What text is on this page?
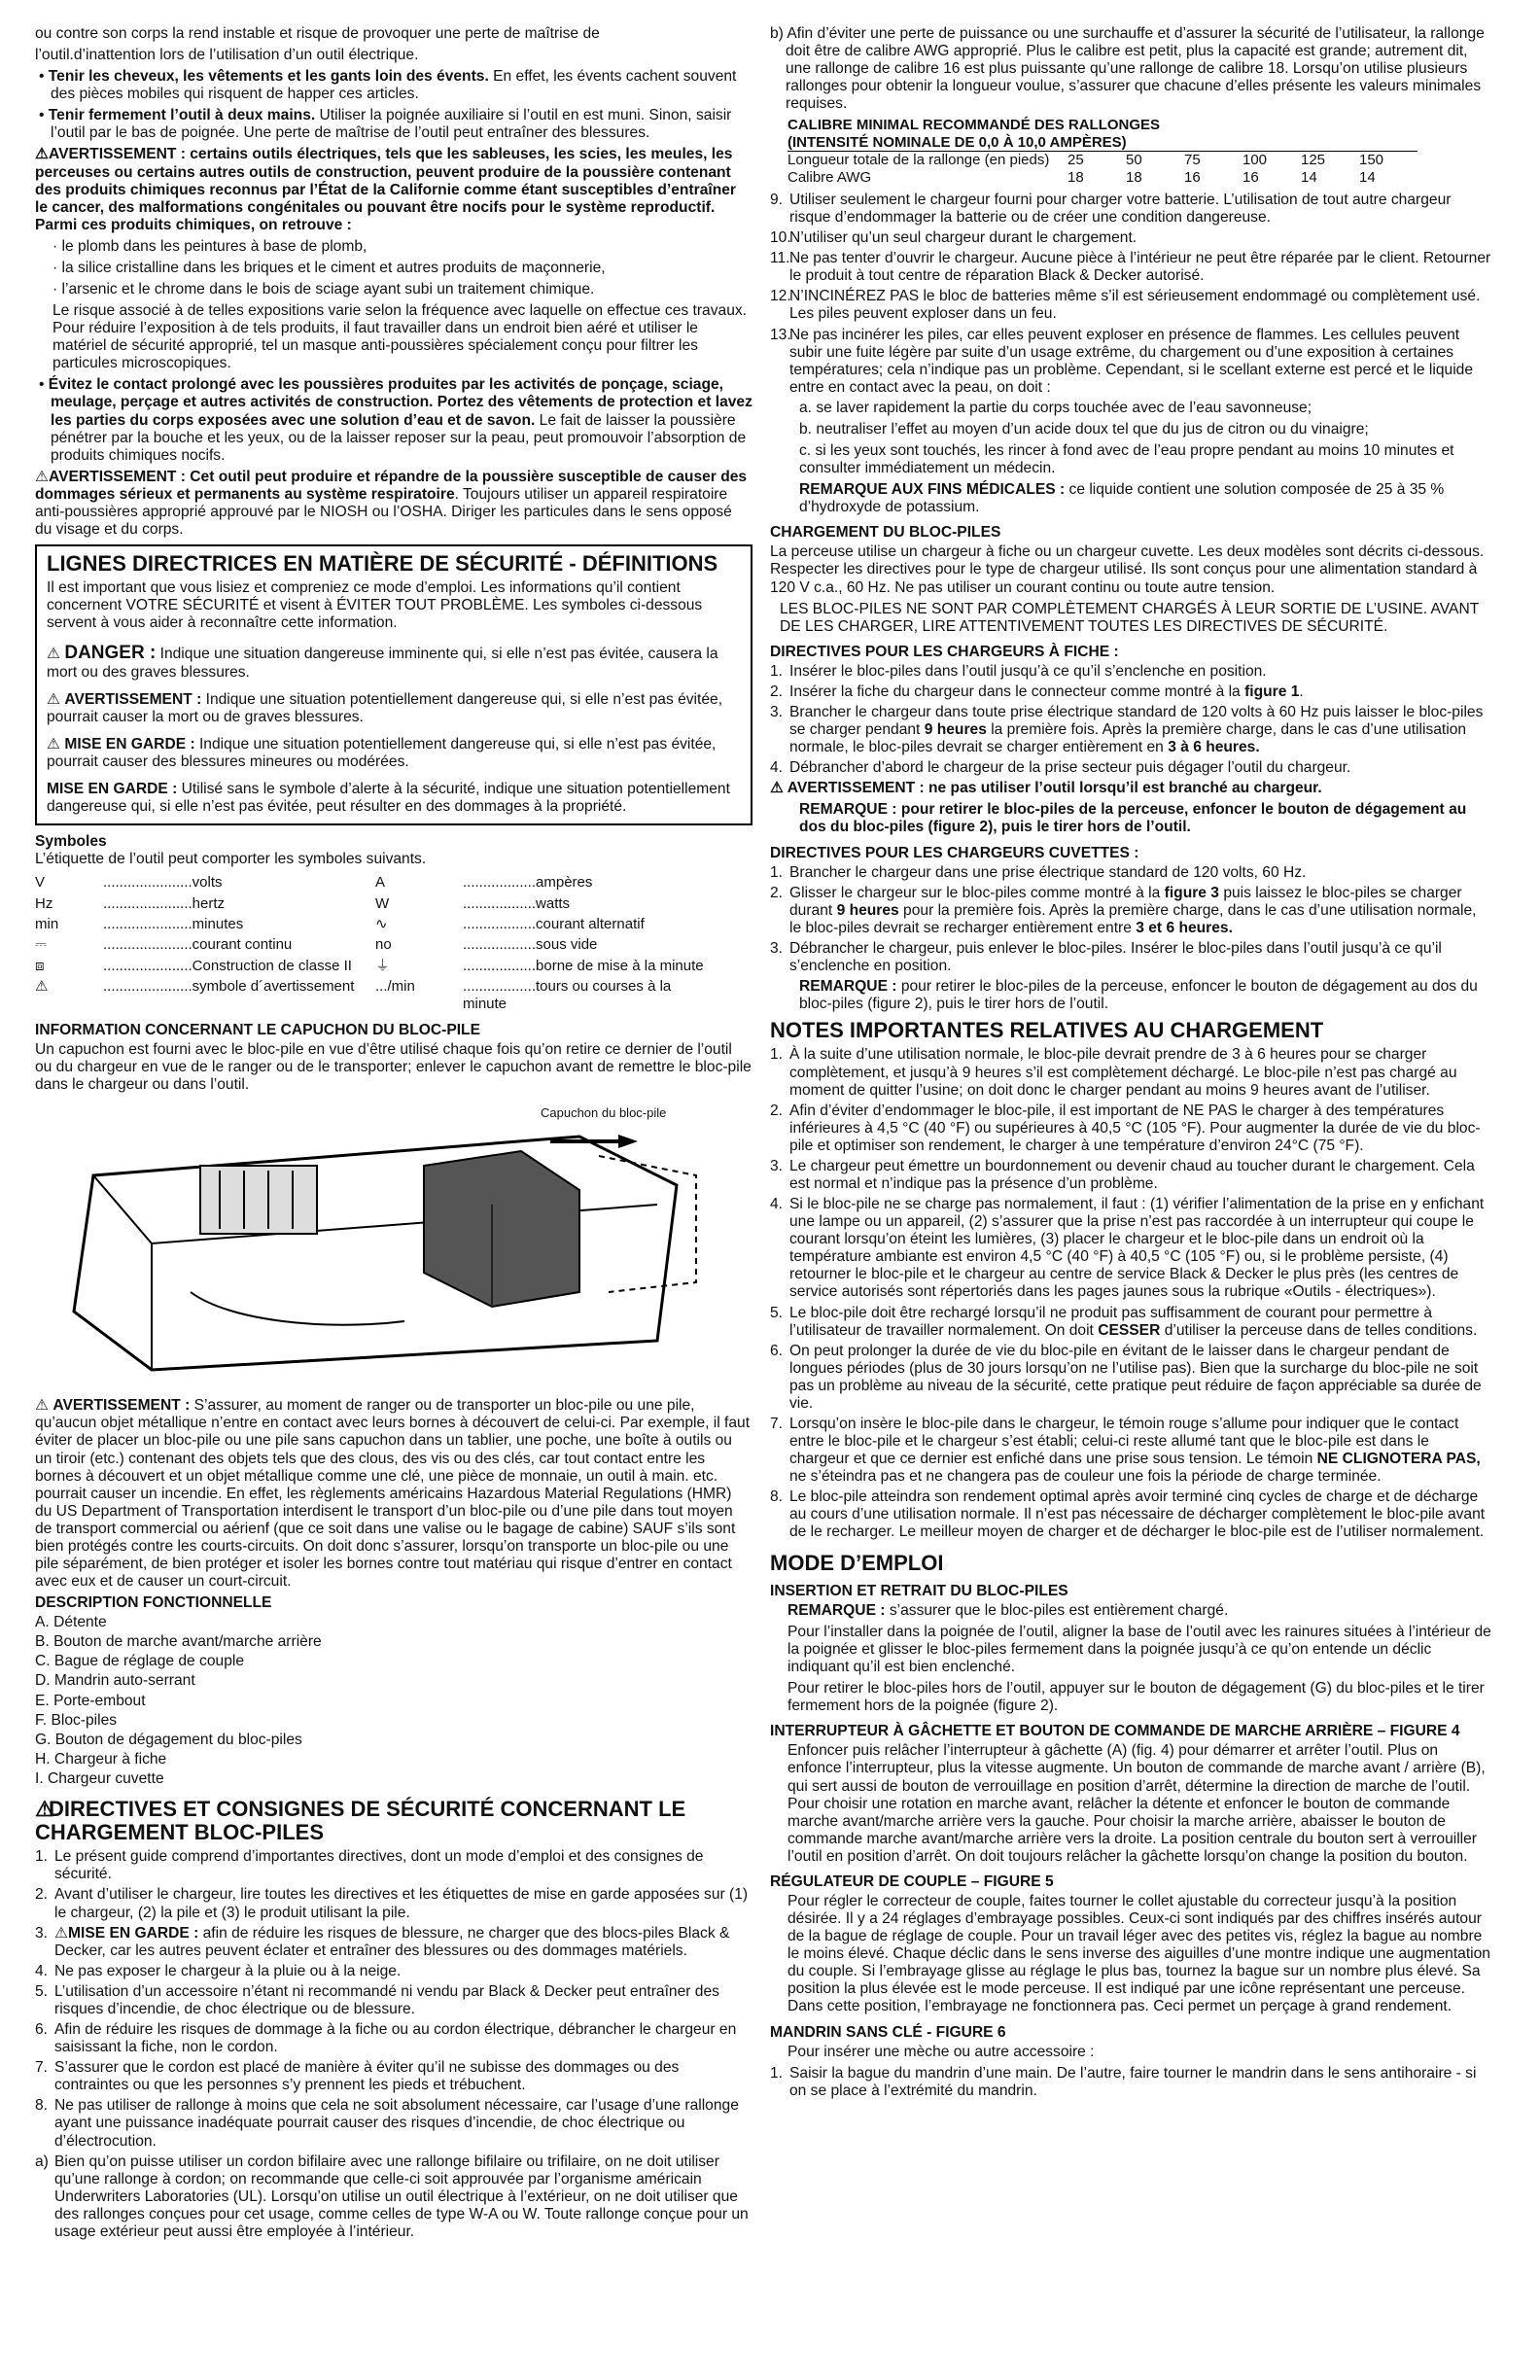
ou contre son corps la rend instable et risque de provoquer une perte de maîtrise de

l’outil.d’inattention lors de l’utilisation d’un outil électrique.

• Tenir les cheveux, les vêtements et les gants loin des évents. En effet, les évents cachent souvent des pièces mobiles qui risquent de happer ces articles.

• Tenir fermement l’outil à deux mains. Utiliser la poignée auxiliaire si l’outil en est muni. Sinon, saisir l’outil par le bas de poignée. Une perte de maîtrise de l’outil peut entraîner des blessures.

⚠AVERTISSEMENT : certains outils électriques, tels que les sableuses, les scies, les meules, les perceuses ou certains autres outils de construction, peuvent produire de la poussière contenant des produits chimiques reconnus par l’État de la Californie comme étant susceptibles d’entraîner le cancer, des malformations congénitales ou pouvant être nocifs pour le système reproductif. Parmi ces produits chimiques, on retrouve :

· le plomb dans les peintures à base de plomb,

· la silice cristalline dans les briques et le ciment et autres produits de maçonnerie,

· l’arsenic et le chrome dans le bois de sciage ayant subi un traitement chimique.

Le risque associé à de telles expositions varie selon la fréquence avec laquelle on effectue ces travaux. Pour réduire l’exposition à de tels produits, il faut travailler dans un endroit bien aéré et utiliser le matériel de sécurité approprié, tel un masque anti-poussières spécialement conçu pour filtrer les particules microscopiques.

• Évitez le contact prolongé avec les poussières produites par les activités de ponçage, sciage, meulage, perçage et autres activités de construction. Portez des vêtements de protection et lavez les parties du corps exposées avec une solution d’eau et de savon. Le fait de laisser la poussière pénétrer par la bouche et les yeux, ou de la laisser reposer sur la peau, peut promouvoir l’absorption de produits chimiques nocifs.

⚠AVERTISSEMENT : Cet outil peut produire et répandre de la poussière susceptible de causer des dommages sérieux et permanents au système respiratoire. Toujours utiliser un appareil respiratoire anti-poussières approprié approuvé par le NIOSH ou l’OSHA. Diriger les particules dans le sens opposé du visage et du corps.

LIGNES DIRECTRICES EN MATIÈRE DE SÉCURITÉ - DÉFINITIONS

Il est important que vous lisiez et compreniez ce mode d’emploi. Les informations qu’il contient concernent VOTRE SÉCURITÉ et visent à ÉVITER TOUT PROBLÈME. Les symboles ci-dessous servent à vous aider à reconnaître cette information.

⚠ DANGER : Indique une situation dangereuse imminente qui, si elle n’est pas évitée, causera la mort ou des graves blessures.

⚠ AVERTISSEMENT : Indique une situation potentiellement dangereuse qui, si elle n’est pas évitée, pourrait causer la mort ou de graves blessures.

⚠ MISE EN GARDE : Indique une situation potentiellement dangereuse qui, si elle n’est pas évitée, pourrait causer des blessures mineures ou modérées.

MISE EN GARDE : Utilisé sans le symbole d’alerte à la sécurité, indique une situation potentiellement dangereuse qui, si elle n’est pas évitée, peut résulter en des dommages à la propriété.

Symboles

L’étiquette de l’outil peut comporter les symboles suivants.

V	......................volts	A	..................ampères
Hz	......................hertz	W	..................watts
min	......................minutes	∿	..................courant alternatif
⎓	......................courant continu	no	..................sous vide
⧈	......................Construction de classe II	⏚	..................borne de mise à la minute
⚠	......................symbole d´avertissement	.../min	..................tours ou courses à la minute

INFORMATION CONCERNANT LE CAPUCHON DU BLOC-PILE

Un capuchon est fourni avec le bloc-pile en vue d’être utilisé chaque fois qu’on retire ce dernier de l’outil ou du chargeur en vue de le ranger ou de le transporter; enlever le capuchon avant de remettre le bloc-pile dans le chargeur ou dans l’outil.

Capuchon du bloc-pile

⚠ AVERTISSEMENT : S’assurer, au moment de ranger ou de transporter un bloc-pile ou une pile, qu’aucun objet métallique n’entre en contact avec leurs bornes à découvert de celui-ci. Par exemple, il faut éviter de placer un bloc-pile ou une pile sans capuchon dans un tablier, une poche, une boîte à outils ou un tiroir (etc.) contenant des objets tels que des clous, des vis ou des clés, car tout contact entre les bornes à découvert et un objet métallique comme une clé, une pièce de monnaie, un outil à main. etc. pourrait causer un incendie. En effet, les règlements américains Hazardous Material Regulations (HMR) du US Department of Transportation interdisent le transport d’un bloc-pile ou d’une pile dans tout moyen de transport commercial ou aérienf (que ce soit dans une valise ou le bagage de cabine) SAUF s’ils sont bien protégés contre les courts-circuits. On doit donc s’assurer, lorsqu’on transporte un bloc-pile ou une pile séparément, de bien protéger et isoler les bornes contre tout matériau qui risque d’entrer en contact avec eux et de causer un court-circuit.

DESCRIPTION FONCTIONNELLE

A. Détente

B. Bouton de marche avant/marche arrière

C. Bague de réglage de couple

D. Mandrin auto-serrant

E. Porte-embout

F. Bloc-piles

G. Bouton de dégagement du bloc-piles

H. Chargeur à fiche

I. Chargeur cuvette

⚠DIRECTIVES ET CONSIGNES DE SÉCURITÉ CONCERNANT LE CHARGEMENT BLOC-PILES
1. Le présent guide comprend d’importantes directives, dont un mode d’emploi et des consignes de sécurité.
2. Avant d’utiliser le chargeur, lire toutes les directives et les étiquettes de mise en garde apposées sur (1) le chargeur, (2) la pile et (3) le produit utilisant la pile.
3. ⚠MISE EN GARDE : afin de réduire les risques de blessure, ne charger que des blocs-piles Black & Decker, car les autres peuvent éclater et entraîner des blessures ou des dommages matériels.
4. Ne pas exposer le chargeur à la pluie ou à la neige.
5. L’utilisation d’un accessoire n’étant ni recommandé ni vendu par Black & Decker peut entraîner des risques d’incendie, de choc électrique ou de blessure.
6. Afin de réduire les risques de dommage à la fiche ou au cordon électrique, débrancher le chargeur en saisissant la fiche, non le cordon.
7. S’assurer que le cordon est placé de manière à éviter qu’il ne subisse des dommages ou des contraintes ou que les personnes s’y prennent les pieds et trébuchent.
8. Ne pas utiliser de rallonge à moins que cela ne soit absolument nécessaire, car l’usage d’une rallonge ayant une puissance inadéquate pourrait causer des risques d’incendie, de choc électrique ou d’électrocution.
a) Bien qu’on puisse utiliser un cordon bifilaire avec une rallonge bifilaire ou trifilaire, on ne doit utiliser qu’une rallonge à cordon; on recommande que celle-ci soit approuvée par l’organisme américain Underwriters Laboratories (UL). Lorsqu’on utilise un outil électrique à l’extérieur, on ne doit utiliser que des rallonges conçues pour cet usage, comme celles de type W-A ou W. Toute rallonge conçue pour un usage extérieur peut aussi être employée à l’intérieur.

b) Afin d’éviter une perte de puissance ou une surchauffe et d’assurer la sécurité de l’utilisateur, la rallonge doit être de calibre AWG approprié. Plus le calibre est petit, plus la capacité est grande; autrement dit, une rallonge de calibre 16 est plus puissante qu’une rallonge de calibre 18. Lorsqu’on utilise plusieurs rallonges pour obtenir la longueur voulue, s’assurer que chacune d’elles présente les valeurs minimales requises.

CALIBRE MINIMAL RECOMMANDÉ DES RALLONGES						
(INTENSITÉ NOMINALE DE 0,0 À 10,0 AMPÈRES)						
Longueur totale de la rallonge (en pieds)	25	50	75	100	125	150
Calibre AWG	18	18	16	16	14	14
9. Utiliser seulement le chargeur fourni pour charger votre batterie. L’utilisation de tout autre chargeur risque d’endommager la batterie ou de créer une condition dangereuse.
10.
N’utiliser qu’un seul chargeur durant le chargement.
11. Ne pas tenter d’ouvrir le chargeur. Aucune pièce à l’intérieur ne peut être réparée par le client. Retourner le produit à tout centre de réparation Black & Decker autorisé.
12.
N’INCINÉREZ PAS le bloc de batteries même s’il est sérieusement endommagé ou complètement usé. Les piles peuvent exploser dans un feu.
13.
Ne pas incinérer les piles, car elles peuvent exploser en présence de flammes. Les cellules peuvent subir une fuite légère par suite d’un usage extrême, du chargement ou d’une exposition à certaines températures; cela n’indique pas un problème. Cependant, si le scellant externe est percé et le liquide entre en contact avec la peau, on doit :

a. se laver rapidement la partie du corps touchée avec de l’eau savonneuse;

b. neutraliser l’effet au moyen d’un acide doux tel que du jus de citron ou du vinaigre;

c. si les yeux sont touchés, les rincer à fond avec de l’eau propre pendant au moins 10 minutes et consulter immédiatement un médecin.

REMARQUE AUX FINS MÉDICALES : ce liquide contient une solution composée de 25 à 35 % d’hydroxyde de potassium.

CHARGEMENT DU BLOC-PILES

La perceuse utilise un chargeur à fiche ou un chargeur cuvette. Les deux modèles sont décrits ci-dessous. Respecter les directives pour le type de chargeur utilisé. Ils sont conçus pour une alimentation standard à 120 V c.a., 60 Hz. Ne pas utiliser un courant continu ou toute autre tension.

LES BLOC-PILES NE SONT PAR COMPLÈTEMENT CHARGÉS À LEUR SORTIE DE L’USINE. AVANT DE LES CHARGER, LIRE ATTENTIVEMENT TOUTES LES DIRECTIVES DE SÉCURITÉ.

DIRECTIVES POUR LES CHARGEURS À FICHE :

1. Insérer le bloc-piles dans l’outil jusqu’à ce qu’il s’enclenche en position.
2. Insérer la fiche du chargeur dans le connecteur comme montré à la figure 1.
3. Brancher le chargeur dans toute prise électrique standard de 120 volts à 60 Hz puis laisser le bloc-piles se charger pendant 9 heures la première fois. Après la première charge, dans le cas d’une utilisation normale, le bloc-piles devrait se charger entièrement en 3 à 6 heures.
4. Débrancher d’abord le chargeur de la prise secteur puis dégager l’outil du chargeur.

⚠ AVERTISSEMENT : ne pas utiliser l’outil lorsqu’il est branché au chargeur.

REMARQUE : pour retirer le bloc-piles de la perceuse, enfoncer le bouton de dégagement au dos du bloc-piles (figure 2), puis le tirer hors de l’outil.

DIRECTIVES POUR LES CHARGEURS CUVETTES :

1. Brancher le chargeur dans une prise électrique standard de 120 volts, 60 Hz.
2. Glisser le chargeur sur le bloc-piles comme montré à la figure 3 puis laissez le bloc-piles se charger durant 9 heures pour la première fois. Après la première charge, dans le cas d’une utilisation normale, le bloc-piles devrait se recharger entièrement entre 3 et 6 heures.
3. Débrancher le chargeur, puis enlever le bloc-piles. Insérer le bloc-piles dans l’outil jusqu’à ce qu’il s’enclenche en position.

REMARQUE : pour retirer le bloc-piles de la perceuse, enfoncer le bouton de dégagement au dos du bloc-piles (figure 2), puis le tirer hors de l’outil.

NOTES IMPORTANTES RELATIVES AU CHARGEMENT
1. À la suite d’une utilisation normale, le bloc-pile devrait prendre de 3 à 6 heures pour se charger complètement, et jusqu’à 9 heures s’il est complètement déchargé. Le bloc-pile n’est pas chargé au moment de quitter l’usine; on doit donc le charger pendant au moins 9 heures avant de l’utiliser.
2. Afin d’éviter d’endommager le bloc-pile, il est important de NE PAS le charger à des températures inférieures à 4,5 °C (40 °F) ou supérieures à 40,5 °C (105 °F). Pour augmenter la durée de vie du bloc-pile et optimiser son rendement, le charger à une température d’environ 24°C (75 °F).
3. Le chargeur peut émettre un bourdonnement ou devenir chaud au toucher durant le chargement. Cela est normal et n’indique pas la présence d’un problème.
4. Si le bloc-pile ne se charge pas normalement, il faut : (1) vérifier l’alimentation de la prise en y enfichant une lampe ou un appareil, (2) s’assurer que la prise n’est pas raccordée à un interrupteur qui coupe le courant lorsqu’on éteint les lumières, (3) placer le chargeur et le bloc-pile dans un endroit où la température ambiante est environ 4,5 °C (40 °F) à 40,5 °C (105 °F) ou, si le problème persiste, (4) retourner le bloc-pile et le chargeur au centre de service Black & Decker le plus près (les centres de service autorisés sont répertoriés dans les pages jaunes sous la rubrique «Outils - électriques»).
5. Le bloc-pile doit être rechargé lorsqu’il ne produit pas suffisamment de courant pour permettre à l’utilisateur de travailler normalement. On doit CESSER d’utiliser la perceuse dans de telles conditions.
6. On peut prolonger la durée de vie du bloc-pile en évitant de le laisser dans le chargeur pendant de longues périodes (plus de 30 jours lorsqu’on ne l’utilise pas). Bien que la surcharge du bloc-pile ne soit pas un problème au niveau de la sécurité, cette pratique peut réduire de façon appréciable sa durée de vie.
7. Lorsqu’on insère le bloc-pile dans le chargeur, le témoin rouge s’allume pour indiquer que le contact entre le bloc-pile et le chargeur s’est établi; celui-ci reste allumé tant que le bloc-pile est dans le chargeur et que ce dernier est enfiché dans une prise sous tension. Le témoin NE CLIGNOTERA PAS, ne s’éteindra pas et ne changera pas de couleur une fois la période de charge terminée.
8. Le bloc-pile atteindra son rendement optimal après avoir terminé cinq cycles de charge et de décharge au cours d’une utilisation normale. Il n’est pas nécessaire de décharger complètement le bloc-pile avant de le recharger. Le meilleur moyen de charger et de décharger le bloc-pile est de l’utiliser normalement.
MODE D’EMPLOI

INSERTION ET RETRAIT DU BLOC-PILES

REMARQUE : s’assurer que le bloc-piles est entièrement chargé.

Pour l’installer dans la poignée de l’outil, aligner la base de l’outil avec les rainures situées à l’intérieur de la poignée et glisser le bloc-piles fermement dans la poignée jusqu’à ce qu’on entende un déclic indiquant qu’il est bien enclenché.

Pour retirer le bloc-piles hors de l’outil, appuyer sur le bouton de dégagement (G) du bloc-piles et le tirer fermement hors de la poignée (figure 2).

INTERRUPTEUR À GÂCHETTE ET BOUTON DE COMMANDE DE MARCHE ARRIÈRE – FIGURE 4

Enfoncer puis relâcher l’interrupteur à gâchette (A) (fig. 4) pour démarrer et arrêter l’outil. Plus on enfonce l’interrupteur, plus la vitesse augmente. Un bouton de commande de marche avant / arrière (B), qui sert aussi de bouton de verrouillage en position d’arrêt, détermine la direction de marche de l’outil. Pour choisir une rotation en marche avant, relâcher la détente et enfoncer le bouton de commande marche avant/marche arrière vers la gauche. Pour choisir la marche arrière, abaisser le bouton de commande marche avant/marche arrière vers la droite. La position centrale du bouton sert à verrouiller l’outil en position d’arrêt. On doit toujours relâcher la gâchette lorsqu’on change la position du bouton.

RÉGULATEUR DE COUPLE – FIGURE 5

Pour régler le correcteur de couple, faites tourner le collet ajustable du correcteur jusqu’à la position désirée. Il y a 24 réglages d’embrayage possibles. Ceux-ci sont indiqués par des chiffres insérés autour de la bague de réglage de couple. Pour un travail léger avec des petites vis, réglez la bague au nombre le moins élevé. Chaque déclic dans le sens inverse des aiguilles d’une montre indique une augmentation du couple. Si l’embrayage glisse au réglage le plus bas, tournez la bague sur un nombre plus élevé. Sa position la plus élevée est le mode perceuse. Il est indiqué par une icône représentant une perceuse. Dans cette position, l’embrayage ne fonctionnera pas. Ceci permet un perçage à grand rendement.

MANDRIN SANS CLÉ - FIGURE 6

Pour insérer une mèche ou autre accessoire :

1. Saisir la bague du mandrin d’une main. De l’autre, faire tourner le mandrin dans le sens antihoraire - si on se place à l’extrémité du mandrin.
